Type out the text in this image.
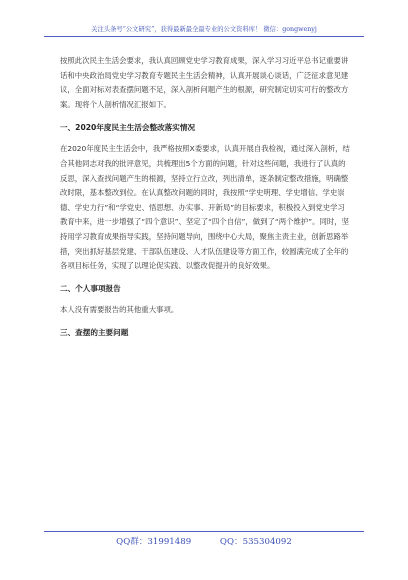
关注头条号“公文研究”，获得最新最全最专业的公文资料库！ 微信：gongwenyj

按照此次民主生活会要求，我认真回顾党史学习教育成果，深入学习习近平总书记重要讲话和中央政治局党史学习教育专题民主生活会精神，认真开展谈心谈话，广泛征求意见建议，全面对标对表查摆问题不足，深入剖析问题产生的根源，研究制定切实可行的整改方案。现将个人剖析情况汇报如下。

一、2020年度民主生活会整改落实情况

在2020年度民主生活会中，我严格按照X委要求，认真开展自我检视，通过深入剖析，结合其他同志对我的批评意见，共梳理出5个方面的问题，针对这些问题，我进行了认真的反思，深入查找问题产生的根源，坚持立行立改，列出清单，逐条制定整改措施，明确整改时限，基本整改到位。在认真整改问题的同时，我按照“学史明理、学史增信、学史崇德、学史力行”和“学党史、悟思想、办实事、开新局”的目标要求，积极投入到党史学习教育中来，进一步增强了“四个意识”、坚定了“四个自信”，做到了“两个维护”。同时，坚持用学习教育成果指导实践，坚持问题导向，围绕中心大局，聚焦主责主业，创新思路举措，突出抓好基层党建、干部队伍建设、人才队伍建设等方面工作，较圆满完成了全年的各项目标任务，实现了以理论促实践、以整改促提升的良好效果。

二、个人事项报告

本人没有需要报告的其他重大事项。

三、查摆的主要问题
QQ群：31991489	QQ：535304092
